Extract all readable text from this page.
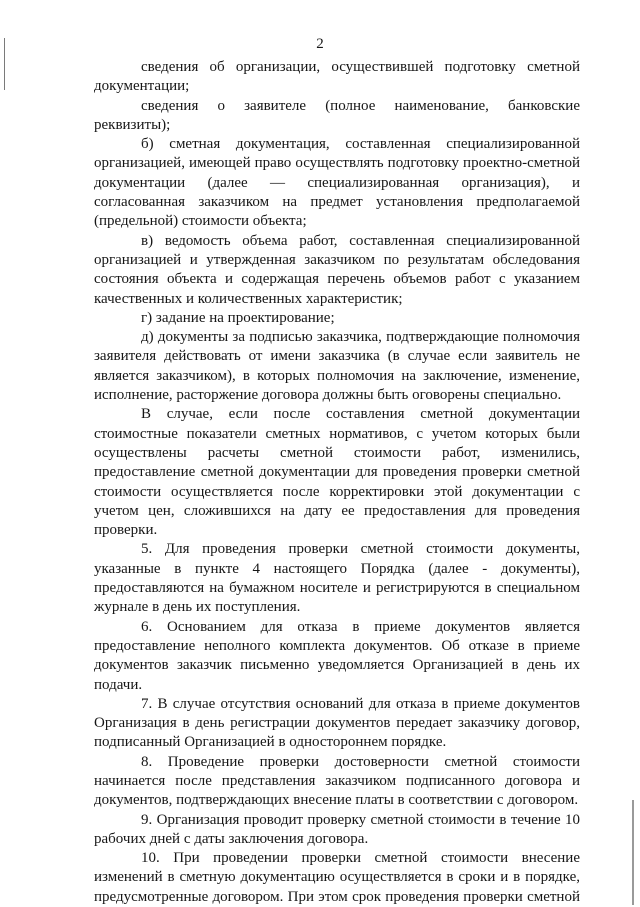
2
сведения об организации, осуществившей подготовку сметной
документации;
сведения о заявителе (полное наименование, банковские
реквизиты);
б) сметная документация, составленная специализированной
организацией, имеющей право осуществлять подготовку проектно-сметной
документации (далее — специализированная организация), и
согласованная заказчиком на предмет установления предполагаемой
(предельной) стоимости объекта;
в) ведомость объема работ, составленная специализированной
организацией и утвержденная заказчиком по результатам обследования
состояния объекта и содержащая перечень объемов работ с указанием
качественных и количественных характеристик;
г) задание на проектирование;
д) документы за подписью заказчика, подтверждающие полномочия
заявителя действовать от имени заказчика (в случае если заявитель не
является заказчиком), в которых полномочия на заключение, изменение,
исполнение, расторжение договора должны быть оговорены специально.
В случае, если после составления сметной документации
стоимостные показатели сметных нормативов, с учетом которых были
осуществлены расчеты сметной стоимости работ, изменились,
предоставление сметной документации для проведения проверки сметной
стоимости осуществляется после корректировки этой документации с
учетом цен, сложившихся на дату ее предоставления для проведения
проверки.
5. Для проведения проверки сметной стоимости документы,
указанные в пункте 4 настоящего Порядка (далее - документы),
предоставляются на бумажном носителе и регистрируются в специальном
журнале в день их поступления.
6. Основанием для отказа в приеме документов является
предоставление неполного комплекта документов. Об отказе в приеме
документов заказчик письменно уведомляется Организацией в день их
подачи.
7. В случае отсутствия оснований для отказа в приеме документов
Организация в день регистрации документов передает заказчику договор,
подписанный Организацией в одностороннем порядке.
8. Проведение проверки достоверности сметной стоимости
начинается после представления заказчиком подписанного договора и
документов, подтверждающих внесение платы в соответствии с договором.
9. Организация проводит проверку сметной стоимости в течение 10
рабочих дней с даты заключения договора.
10. При проведении проверки сметной стоимости внесение
изменений в сметную документацию осуществляется в сроки и в порядке,
предусмотренные договором. При этом срок проведения проверки сметной
